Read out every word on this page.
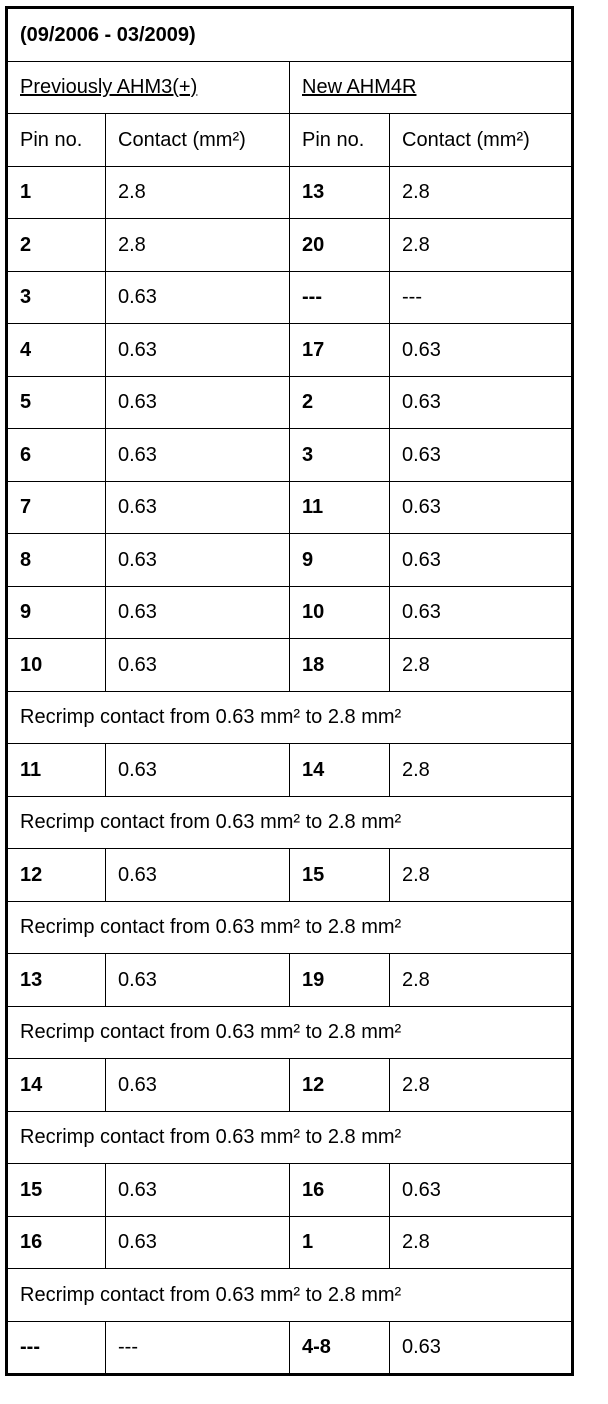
(09/2006 - 03/2009)			
Previously AHM3(+)		New AHM4R	
Pin no.	Contact (mm²)	Pin no.	Contact (mm²)
1	2.8	13	2.8
2	2.8	20	2.8
3	0.63	---	---
4	0.63	17	0.63
5	0.63	2	0.63
6	0.63	3	0.63
7	0.63	11	0.63
8	0.63	9	0.63
9	0.63	10	0.63
10	0.63	18	2.8
Recrimp contact from 0.63 mm² to 2.8 mm²			
11	0.63	14	2.8
Recrimp contact from 0.63 mm² to 2.8 mm²			
12	0.63	15	2.8
Recrimp contact from 0.63 mm² to 2.8 mm²			
13	0.63	19	2.8
Recrimp contact from 0.63 mm² to 2.8 mm²			
14	0.63	12	2.8
Recrimp contact from 0.63 mm² to 2.8 mm²			
15	0.63	16	0.63
16	0.63	1	2.8
Recrimp contact from 0.63 mm² to 2.8 mm²			
---	---	4-8	0.63
